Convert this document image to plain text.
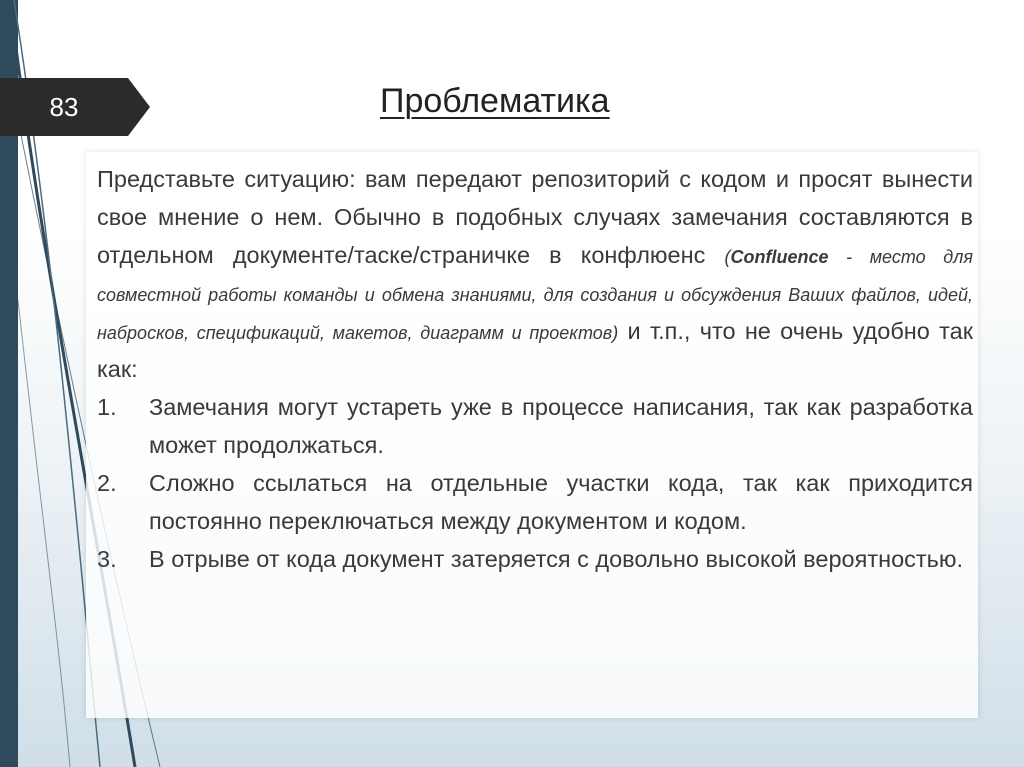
83	Проблематика

Представьте ситуацию: вам передают репозиторий с кодом и просят вынести свое мнение о нем. Обычно в подобных случаях замечания составляются в отдельном документе/таске/страничке в конфлюенс (Confluence - место для совместной работы команды и обмена знаниями, для создания и обсуждения Ваших файлов, идей, набросков, спецификаций, макетов, диаграмм и проектов) и т.п., что не очень удобно так как:

1. Замечания могут устареть уже в процессе написания, так как разработка может продолжаться.
2. Сложно ссылаться на отдельные участки кода, так как приходится постоянно переключаться между документом и кодом.
3. В отрыве от кода документ затеряется с довольно высокой вероятностью.
